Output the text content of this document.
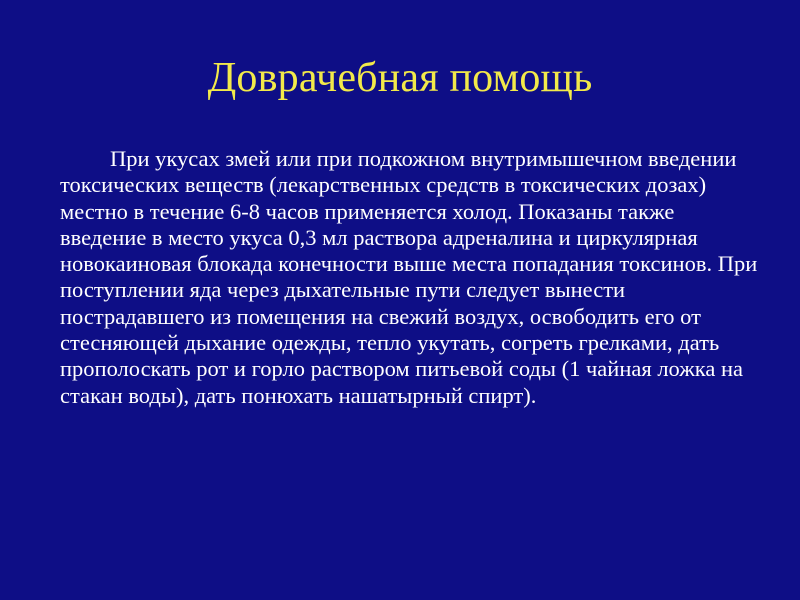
Доврачебная помощь

При укусах змей или при подкожном внутримышечном введении токсических веществ (лекарственных средств в токсических дозах) местно в течение 6-8 часов применяется холод. Показаны также введение в место укуса 0,3 мл раствора адреналина и циркулярная новокаиновая блокада конечности выше места попадания токсинов. При поступлении яда через дыхательные пути следует вынести пострадавшего из помещения на свежий воздух, освободить его от стесняющей дыхание одежды, тепло укутать, согреть грелками, дать прополоскать рот и горло раствором питьевой соды (1 чайная ложка на стакан воды), дать понюхать нашатырный спирт).
